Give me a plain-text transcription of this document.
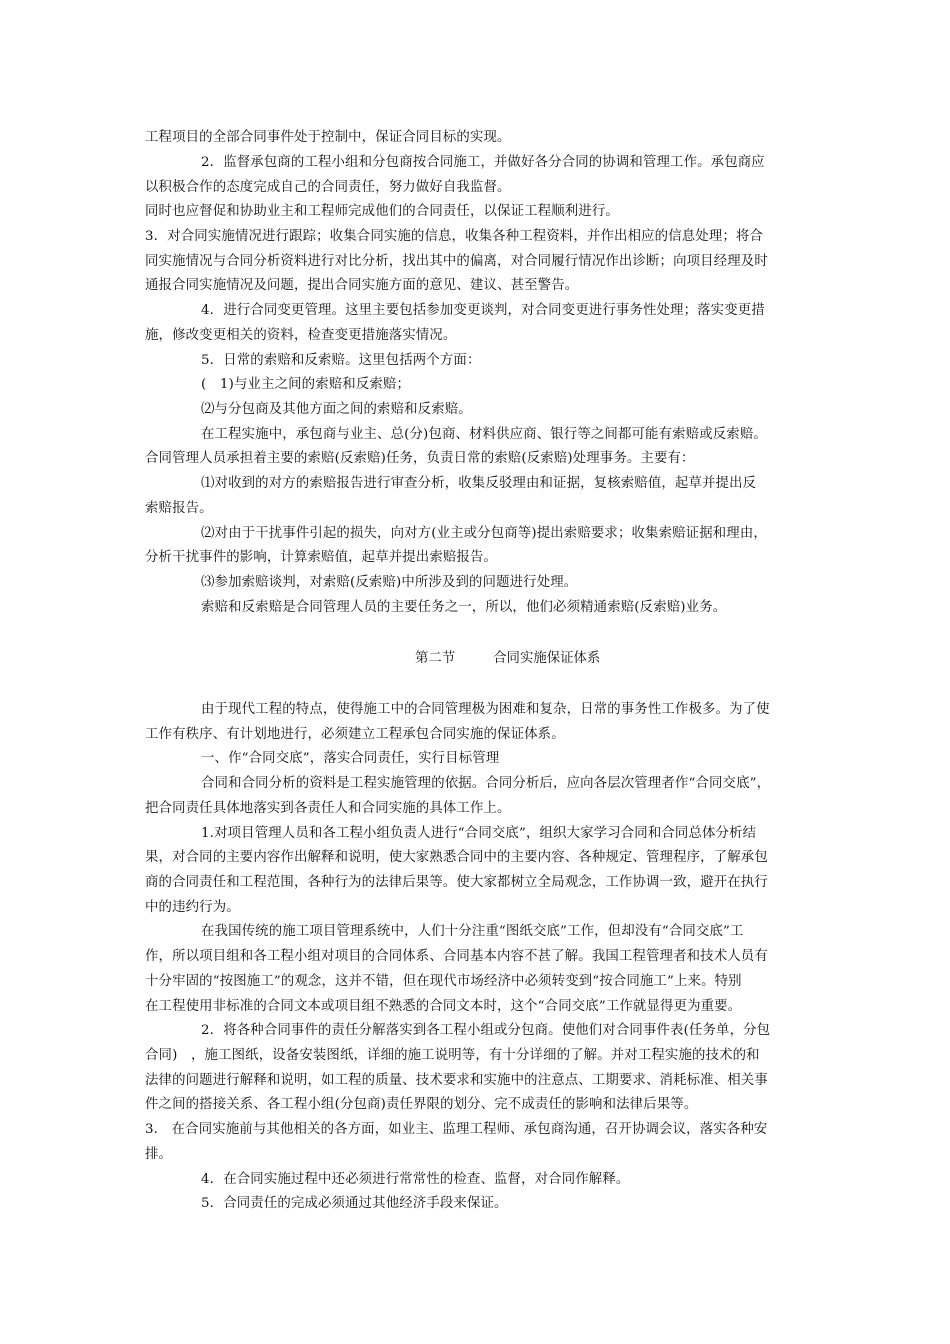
工程项目的全部合同事件处于控制中，保证合同目标的实现。
2．监督承包商的工程小组和分包商按合同施工，并做好各分合同的协调和管理工作。承包商应
以积极合作的态度完成自己的合同责任，努力做好自我监督。
同时也应督促和协助业主和工程师完成他们的合同责任，以保证工程顺利进行。
3．对合同实施情况进行跟踪；收集合同实施的信息，收集各种工程资料，并作出相应的信息处理；将合
同实施情况与合同分析资料进行对比分析，找出其中的偏离，对合同履行情况作出诊断；向项目经理及时
通报合同实施情况及问题，提出合同实施方面的意见、建议、甚至警告。
4．进行合同变更管理。这里主要包括参加变更谈判，对合同变更进行事务性处理；落实变更措
施，修改变更相关的资料，检查变更措施落实情况。
5．日常的索赔和反索赔。这里包括两个方面：
(　1)与业主之间的索赔和反索赔；
⑵与分包商及其他方面之间的索赔和反索赔。
在工程实施中，承包商与业主、总(分)包商、材料供应商、银行等之间都可能有索赔或反索赔。
合同管理人员承担着主要的索赔(反索赔)任务，负责日常的索赔(反索赔)处理事务。主要有：
⑴对收到的对方的索赔报告进行审查分析，收集反驳理由和证据，复核索赔值，起草并提出反
索赔报告。
⑵对由于干扰事件引起的损失，向对方(业主或分包商等)提出索赔要求；收集索赔证据和理由，
分析干扰事件的影响，计算索赔值，起草并提出索赔报告。
⑶参加索赔谈判，对索赔(反索赔)中所涉及到的问题进行处理。
索赔和反索赔是合同管理人员的主要任务之一，所以，他们必须精通索赔(反索赔)业务。
第二节	合同实施保证体系
由于现代工程的特点，使得施工中的合同管理极为困难和复杂，日常的事务性工作极多。为了使
工作有秩序、有计划地进行，必须建立工程承包合同实施的保证体系。
一、作“合同交底”，落实合同责任，实行目标管理
合同和合同分析的资料是工程实施管理的依据。合同分析后，应向各层次管理者作“合同交底”，
把合同责任具体地落实到各责任人和合同实施的具体工作上。
1.对项目管理人员和各工程小组负责人进行“合同交底”，组织大家学习合同和合同总体分析结
果，对合同的主要内容作出解释和说明，使大家熟悉合同中的主要内容、各种规定、管理程序，了解承包
商的合同责任和工程范围，各种行为的法律后果等。使大家都树立全局观念，工作协调一致，避开在执行
中的违约行为。
在我国传统的施工项目管理系统中，人们十分注重“图纸交底”工作，但却没有“合同交底”工
作，所以项目组和各工程小组对项目的合同体系、合同基本内容不甚了解。我国工程管理者和技术人员有
十分牢固的“按图施工”的观念，这并不错，但在现代市场经济中必须转变到“按合同施工”上来。特别
在工程使用非标准的合同文本或项目组不熟悉的合同文本时，这个“合同交底”工作就显得更为重要。
2．将各种合同事件的责任分解落实到各工程小组或分包商。使他们对合同事件表(任务单，分包
合同)　，施工图纸，设备安装图纸，详细的施工说明等，有十分详细的了解。并对工程实施的技术的和
法律的问题进行解释和说明，如工程的质量、技术要求和实施中的注意点、工期要求、消耗标准、相关事
件之间的搭接关系、各工程小组(分包商)责任界限的划分、完不成责任的影响和法律后果等。
3.　在合同实施前与其他相关的各方面，如业主、监理工程师、承包商沟通，召开协调会议，落实各种安
排。
4．在合同实施过程中还必须进行常常性的检查、监督，对合同作解释。
5．合同责任的完成必须通过其他经济手段来保证。
